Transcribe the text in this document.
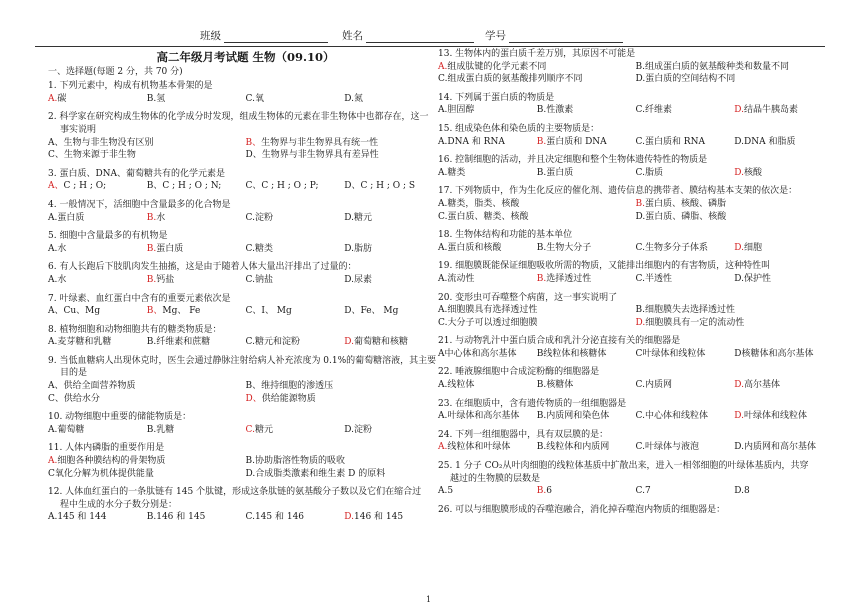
班级	姓名	学号
高二年级月考试题 生物（09.10）
一、选择题(每题 2 分，共 70 分)
1. 下列元素中，构成有机物基本骨架的是
A.碳	B.氢	C.氧	D.氮
2. 科学家在研究构成生物体的化学成分时发现，组成生物体的元素在非生物体中也都存在，这一
事实说明
A、生物与非生物没有区别	B、生物界与非生物界具有统一性
C、生物来源于非生物	D、生物界与非生物界具有差异性
3. 蛋白质、DNA、葡萄糖共有的化学元素是
A、C ; H ; O;	B、C ; H ; O ; N;	C、C ; H ; O ; P;	D、C ; H ; O ; S
4. 一般情况下，活细胞中含量最多的化合物是
A.蛋白质	B.水	C.淀粉	D.糖元
5. 细胞中含量最多的有机物是
A.水	B.蛋白质	C.糖类	D.脂肪
6. 有人长跑后下肢肌肉发生抽搐，这是由于随着人体大量出汗排出了过量的：
A.水	B.钙盐	C.钠盐	D.尿素
7. 叶绿素、血红蛋白中含有的重要元素依次是
A、Cu、Mg	B、Mg、 Fe	C、I、 Mg	D、Fe、 Mg
8. 植物细胞和动物细胞共有的糖类物质是：
A.麦芽糖和乳糖	B.纤维素和蔗糖	C.糖元和淀粉	D.葡萄糖和核糖
9. 当低血糖病人出现休克时，医生会通过静脉注射给病人补充浓度为 0.1%的葡萄糖溶液，其主要
目的是
A、供给全面营养物质	B、维持细胞的渗透压
C、供给水分	D、供给能源物质
10. 动物细胞中重要的储能物质是：
A.葡萄糖	B.乳糖	C.糖元	D.淀粉
11. 人体内磷脂的重要作用是
A.细胞各种膜结构的骨架物质	B.协助脂溶性物质的吸收
C氧化分解为机体提供能量	D.合成脂类激素和维生素 D 的原料
12. 人体血红蛋白的一条肽链有 145 个肽键，形成这条肽链的氨基酸分子数以及它们在缩合过
程中生成的水分子数分别是：
A.145 和 144	B.146 和 145	C.145 和 146	D.146 和 145
13. 生物体内的蛋白质千差万别，其原因不可能是
A.组成肽键的化学元素不同	B.组成蛋白质的氨基酸种类和数量不同
C.组成蛋白质的氨基酸排列顺序不同	D.蛋白质的空间结构不同
14. 下列属于蛋白质的物质是
A.胆固醇	B.性激素	C.纤维素	D.结晶牛胰岛素
15. 组成染色体和染色质的主要物质是：
A.DNA 和 RNA	B.蛋白质和 DNA	C.蛋白质和 RNA	D.DNA 和脂质
16. 控制细胞的活动，并且决定细胞和整个生物体遗传特性的物质是
A.糖类	B.蛋白质	C.脂质	D.核酸
17. 下列物质中，作为生化反应的催化剂、遗传信息的携带者、膜结构基本支架的依次是：
A.糖类，脂类、核酸	B.蛋白质、核酸、磷脂
C.蛋白质、糖类、核酸	D.蛋白质、磷脂、核酸
18. 生物体结构和功能的基本单位
A.蛋白质和核酸	B.生物大分子	C.生物多分子体系	D.细胞
19. 细胞膜既能保证细胞吸收所需的物质，又能排出细胞内的有害物质，这种特性叫
A.流动性	B.选择透过性	C.半透性	D.保护性
20. 变形虫可吞噬整个病菌，这一事实说明了
A.细胞膜具有选择透过性	B.细胞膜失去选择透过性
C.大分子可以透过细胞膜	D.细胞膜具有一定的流动性
21. 与动物乳汁中蛋白质合成和乳汁分泌直接有关的细胞器是
A中心体和高尔基体	B线粒体和核糖体	C叶绿体和线粒体	D核糖体和高尔基体
22. 唾液腺细胞中合成淀粉酶的细胞器是
A.线粒体	B.核糖体	C.内质网	D.高尔基体
23. 在细胞质中，含有遗传物质的一组细胞器是
A.叶绿体和高尔基体	B.内质网和染色体	C.中心体和线粒体	D.叶绿体和线粒体
24. 下列一组细胞器中，具有双层膜的是：
A.线粒体和叶绿体	B.线粒体和内质网	C.叶绿体与液泡	D.内质网和高尔基体
25. 1 分子 CO₂从叶肉细胞的线粒体基质中扩散出来，进入一相邻细胞的叶绿体基质内，共穿
越过的生物膜的层数是
A.5	B.6	C.7	D.8
26. 可以与细胞膜形成的吞噬泡融合，消化掉吞噬泡内物质的细胞器是：
1
